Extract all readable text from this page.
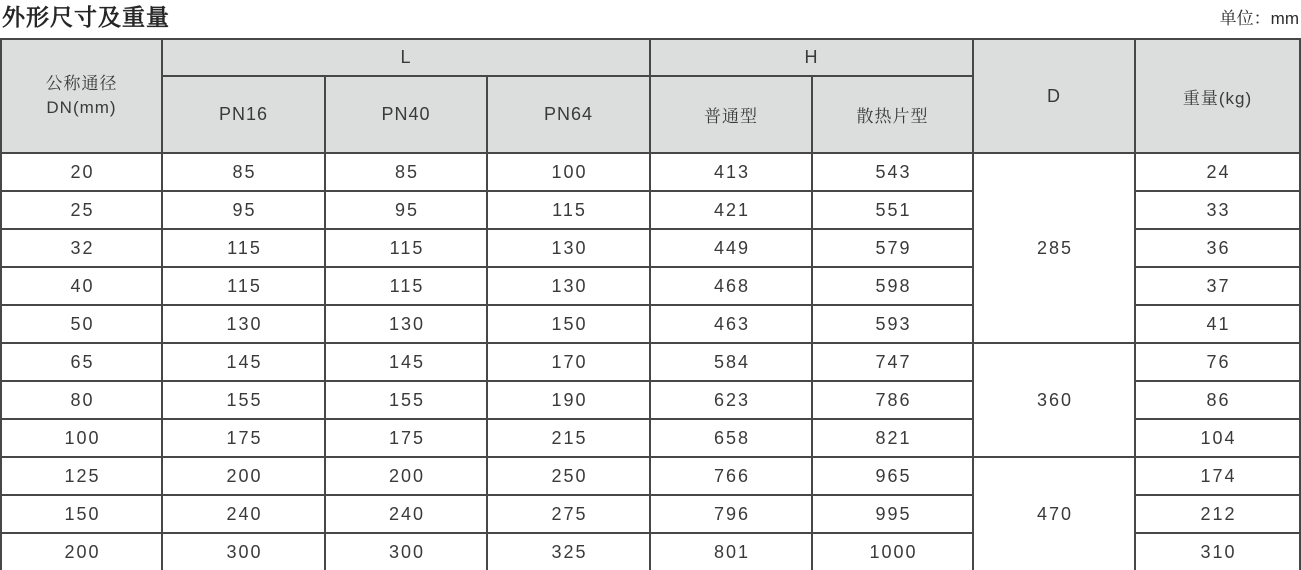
外形尺寸及重量	单位：mm
公称通径
DN(mm)	L			H		D	重量(kg)
	PN16	PN40	PN64	普通型	散热片型		
20	85	85	100	413	543	285	24
25	95	95	115	421	551		33
32	115	115	130	449	579		36
40	115	115	130	468	598		37
50	130	130	150	463	593		41
65	145	145	170	584	747	360	76
80	155	155	190	623	786		86
100	175	175	215	658	821		104
125	200	200	250	766	965	470	174
150	240	240	275	796	995		212
200	300	300	325	801	1000		310
